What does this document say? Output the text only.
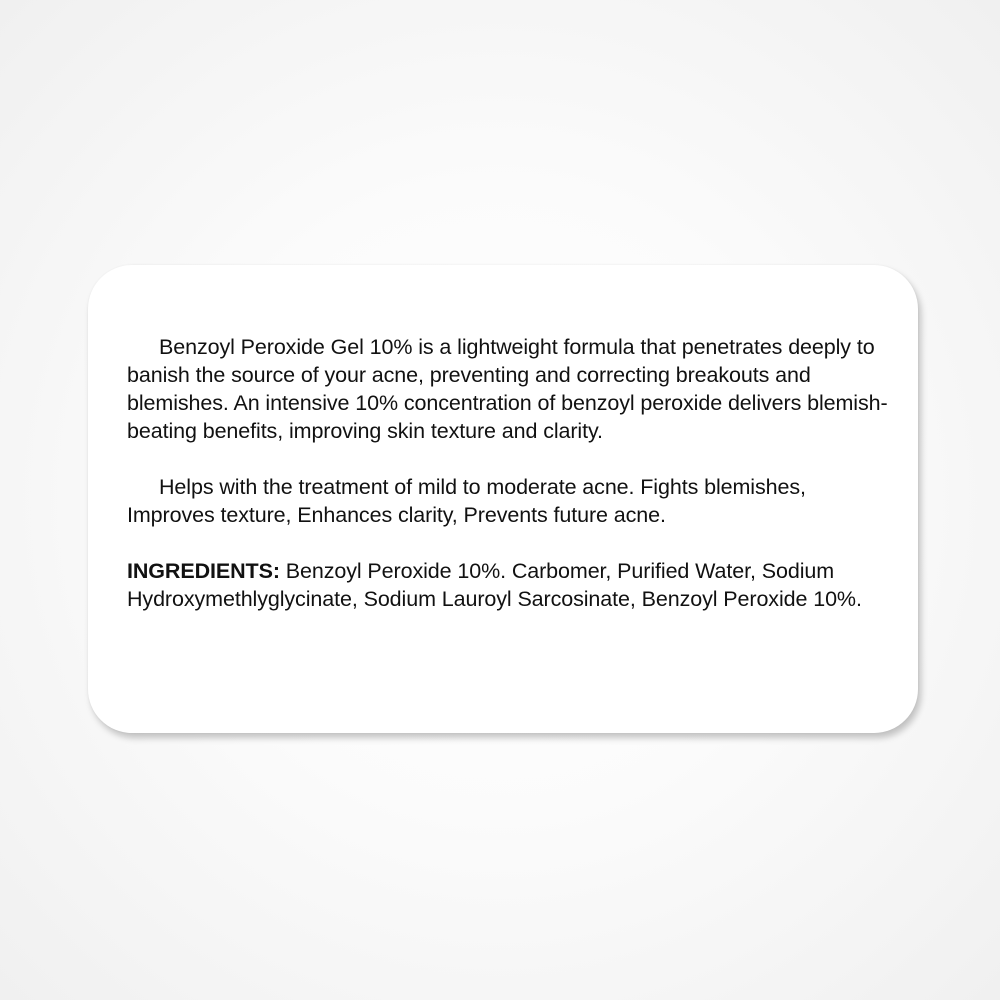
Benzoyl Peroxide Gel 10% is a lightweight formula that penetrates deeply to banish the source of your acne, preventing and correcting breakouts and blemishes. An intensive 10% concentration of benzoyl peroxide delivers blemish-beating benefits, improving skin texture and clarity.

Helps with the treatment of mild to moderate acne. Fights blemishes, Improves texture, Enhances clarity, Prevents future acne.

INGREDIENTS: Benzoyl Peroxide 10%. Carbomer, Purified Water, Sodium Hydroxymethlyglycinate, Sodium Lauroyl Sarcosinate, Benzoyl Peroxide 10%.
